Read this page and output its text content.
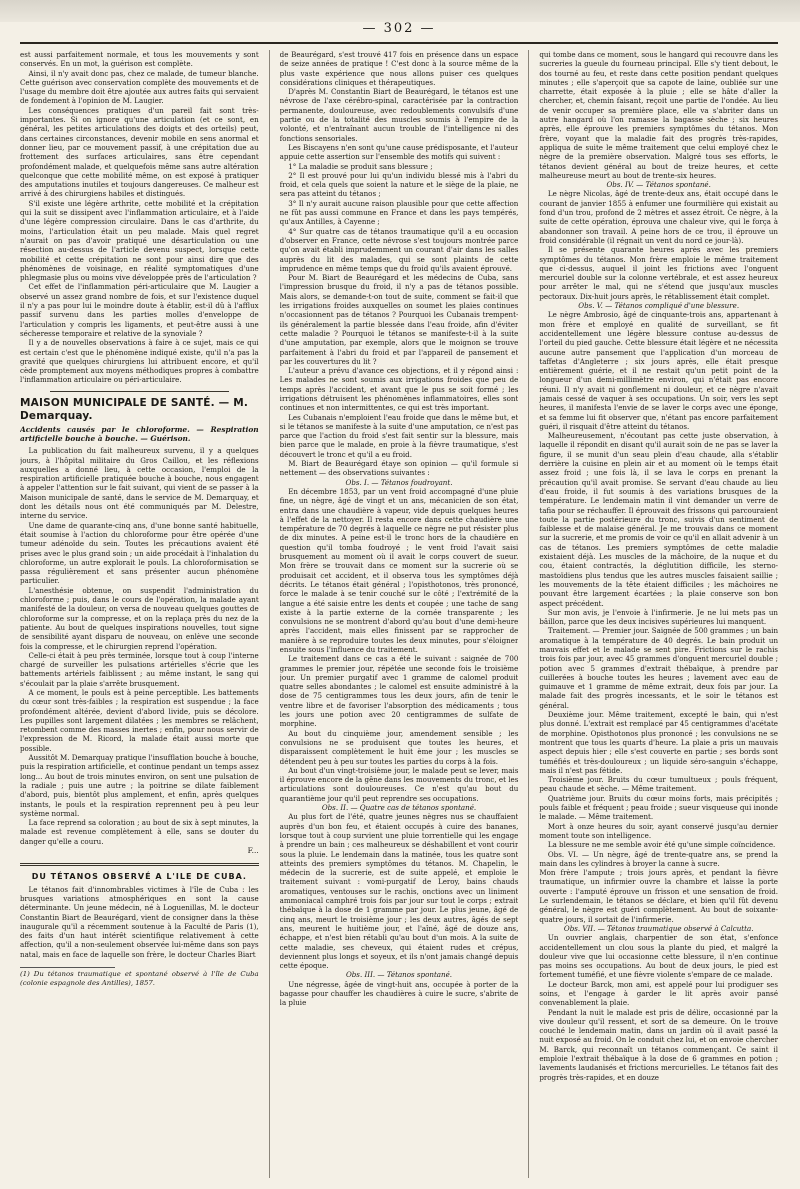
— 302 —

est aussi parfaitement normale, et tous les mouvements y sont conservés. En un mot, la guérison est complète.

Ainsi, il n'y avait donc pas, chez ce malade, de tumeur blanche. Cette guérison avec conservation complète des mouvements et de l'usage du membre doit être ajoutée aux autres faits qui servaient de fondement à l'opinion de M. Laugier.

Les conséquences pratiques d'un pareil fait sont très-importantes. Si on ignore qu'une articulation (et ce sont, en général, les petites articulations des doigts et des orteils) peut, dans certaines circonstances, devenir mobile en sens anormal et donner lieu, par ce mouvement passif, à une crépitation due au frottement des surfaces articulaires, sans être cependant profondément malade, et quelquefois même sans autre altération quelconque que cette mobilité même, on est exposé à pratiquer des amputations inutiles et toujours dangereuses. Ce malheur est arrivé à des chirurgiens habiles et distingués.

S'il existe une légère arthrite, cette mobilité et la crépitation qui la suit se dissipent avec l'inflammation articulaire, et à l'aide d'une légère compression circulaire. Dans le cas d'arthrite, du moins, l'articulation était un peu malade. Mais quel regret n'aurait on pas d'avoir pratiqué une désarticulation ou une résection au-dessus de l'article devenu suspect, lorsque cette mobilité et cette crépitation ne sont pour ainsi dire que des phénomènes de voisinage, en réalité symptomatiques d'une phlegmasie plus ou moins vive développée près de l'articulation ?

Cet effet de l'inflammation péri-articulaire que M. Laugier a observé un assez grand nombre de fois, et sur l'existence duquel il n'y a pas pour lui le moindre doute à établir, est-il dû à l'afflux passif survenu dans les parties molles d'enveloppe de l'articulation y compris les ligaments, et peut-être aussi à une sécheresse temporaire et relative de la synoviale ?

Il y a de nouvelles observations à faire à ce sujet, mais ce qui est certain c'est que le phénomène indiqué existe, qu'il n'a pas la gravité que quelques chirurgiens lui attribuent encore, et qu'il cède promptement aux moyens méthodiques propres à combattre l'inflammation articulaire ou péri-articulaire.

MAISON MUNICIPALE DE SANTÉ. — M. Demarquay.
Accidents causés par le chloroforme. — Respiration artificielle bouche à bouche. — Guérison.

La publication du fait malheureux survenu, il y a quelques jours, à l'hôpital militaire du Gros Caillou, et les réflexions auxquelles a donné lieu, à cette occasion, l'emploi de la respiration artificielle pratiquée bouche à bouche, nous engagent à appeler l'attention sur le fait suivant, qui vient de se passer à la Maison municipale de santé, dans le service de M. Demarquay, et dont les détails nous ont été communiqués par M. Delestre, interne du service.

Une dame de quarante-cinq ans, d'une bonne santé habituelle, était soumise à l'action du chloroforme pour être opérée d'une tumeur adénoïde du sein. Toutes les précautions avaient été prises avec le plus grand soin ; un aide procédait à l'inhalation du chloroforme, un autre explorait le pouls. La chloroformisation se passa régulièrement et sans présenter aucun phénomène particulier.

L'anesthésie obtenue, on suspendit l'administration du chloroforme ; puis, dans le cours de l'opération, la malade ayant manifesté de la douleur, on versa de nouveau quelques gouttes de chloroforme sur la compresse, et on la replaça près du nez de la patiente. Au bout de quelques inspirations nouvelles, tout signe de sensibilité ayant disparu de nouveau, on enlève une seconde fois la compresse, et le chirurgien reprend l'opération.

Celle-ci était à peu près terminée, lorsque tout à coup l'interne chargé de surveiller les pulsations artérielles s'écrie que les battements artériels faiblissent ; au même instant, le sang qui s'écoulait par la plaie s'arrête brusquement.

A ce moment, le pouls est à peine perceptible. Les battements du cœur sont très-faibles ; la respiration est suspendue ; la face profondément altérée, devient d'abord livide, puis se décolore. Les pupilles sont largement dilatées ; les membres se relâchent, retombent comme des masses inertes ; enfin, pour nous servir de l'expression de M. Ricord, la malade était aussi morte que possible.

Aussitôt M. Demarquay pratique l'insufflation bouche à bouche, puis la respiration artificielle, et continue pendant un temps assez long... Au bout de trois minutes environ, on sent une pulsation de la radiale ; puis une autre ; la poitrine se dilate faiblement d'abord, puis, bientôt plus amplement, et enfin, après quelques instants, le pouls et la respiration reprennent peu à peu leur système normal.

La face reprend sa coloration ; au bout de six à sept minutes, la malade est revenue complètement à elle, sans se douter du danger qu'elle a couru.

F...

DU TÉTANOS OBSERVÉ A L'ILE DE CUBA.

Le tétanos fait d'innombrables victimes à l'île de Cuba : les brusques variations atmosphériques en sont la cause déterminante. Un jeune médecin, né à Loguenillas, M. le docteur Constantin Biart de Beaurégard, vient de consigner dans la thèse inaugurale qu'il a récemment soutenue à la Faculté de Paris (1), des faits d'un haut intérêt scientifique relativement à cette affection, qu'il a non-seulement observée lui-même dans son pays natal, mais en face de laquelle son frère, le docteur Charles Biart

(1) Du tétanos traumatique et spontané observé à l'île de Cuba (colonie espagnole des Antilles), 1857.

de Beaurégard, s'est trouvé 417 fois en présence dans un espace de seize années de pratique ! C'est donc à la source même de la plus vaste expérience que nous allons puiser ces quelques considérations cliniques et thérapeutiques.

D'après M. Constantin Biart de Beaurégard, le tétanos est une névrose de l'axe cérébro-spinal, caractérisée par la contraction permanente, douloureuse, avec redoublements convulsifs d'une partie ou de la totalité des muscles soumis à l'empire de la volonté, et n'entraînant aucun trouble de l'intelligence ni des fonctions sensoriales.

Les Biscayens n'en sont qu'une cause prédisposante, et l'auteur appuie cette assertion sur l'ensemble des motifs qui suivent :

1° La maladie se produit sans blessure ;

2° Il est prouvé pour lui qu'un individu blessé mis à l'abri du froid, et cela quels que soient la nature et le siège de la plaie, ne sera pas atteint du tétanos ;

3° Il n'y aurait aucune raison plausible pour que cette affection ne fût pas aussi commune en France et dans les pays tempérés, qu'aux Antilles, à Cayenne ;

4° Sur quatre cas de tétanos traumatique qu'il a eu occasion d'observer en France, cette névrose s'est toujours montrée parce qu'on avait établi imprudemment un courant d'air dans les salles auprès du lit des malades, qui se sont plaints de cette imprudence en même temps que du froid qu'ils avaient éprouvé.

Pour M. Biart de Beaurégard et les médecins de Cuba, sans l'impression brusque du froid, il n'y a pas de tétanos possible. Mais alors, se demande-t-on tout de suite, comment se fait-il que les irrigations froides auxquelles on soumet les plaies continues n'occasionnent pas de tétanos ? Pourquoi les Cubanais trempent-ils généralement la partie blessée dans l'eau froide, afin d'éviter cette maladie ? Pourquoi le tétanos se manifeste-t-il à la suite d'une amputation, par exemple, alors que le moignon se trouve parfaitement à l'abri du froid et par l'appareil de pansement et par les couvertures du lit ?

L'auteur a prévu d'avance ces objections, et il y répond ainsi : Les malades ne sont soumis aux irrigations froides que peu de temps après l'accident, et avant que le pus se soit formé ; les irrigations détruisent les phénomènes inflammatoires, elles sont continues et non intermittentes, ce qui est très important.

Les Cubanais n'emploient l'eau froide que dans le même but, et si le tétanos se manifeste à la suite d'une amputation, ce n'est pas parce que l'action du froid s'est fait sentir sur la blessure, mais bien parce que le malade, en proie à la fièvre traumatique, s'est découvert le tronc et qu'il a eu froid.

M. Biart de Beaurégard étaye son opinion — qu'il formule si nettement — des observations suivantes :

Obs. I. — Tétanos foudroyant.

En décembre 1853, par un vent froid accompagné d'une pluie fine, un nègre, âgé de vingt et un ans, mécanicien de son état, entra dans une chaudière à vapeur, vide depuis quelques heures à l'effet de la nettoyer. Il resta encore dans cette chaudière une température de 70 degrés à laquelle ce nègre ne put résister plus de dix minutes. A peine est-il le tronc hors de la chaudière en question qu'il tomba foudroyé ; le vent froid l'avait saisi brusquement au moment où il avait le corps couvert de sueur. Mon frère se trouvait dans ce moment sur la sucrerie où se produisait cet accident, et il observa tous les symptômes déjà décrits. Le tétanos était général ; l'opisthotonos, très prononcé, force le malade à se tenir couché sur le côté ; l'extrémité de la langue a été saisie entre les dents et coupée ; une tache de sang existe à la partie externe de la cornée transparente ; les convulsions ne se montrent d'abord qu'au bout d'une demi-heure après l'accident, mais elles finissent par se rapprocher de manière à se reproduire toutes les deux minutes, pour s'éloigner ensuite sous l'influence du traitement.

Le traitement dans ce cas a été le suivant : saignée de 700 grammes le premier jour, répétée une seconde fois le troisième jour. Un premier purgatif avec 1 gramme de calomel produit quatre selles abondantes ; le calomel est ensuite administré à la dose de 75 centigrammes tous les deux jours, afin de tenir le ventre libre et de favoriser l'absorption des médicaments ; tous les jours une potion avec 20 centigrammes de sulfate de morphine.

Au bout du cinquième jour, amendement sensible ; les convulsions ne se produisent que toutes les heures, et disparaissent complètement le huit ème jour ; les muscles se détendent peu à peu sur toutes les parties du corps à la fois.

Au bout d'un vingt-troisième jour, le malade peut se lever, mais il éprouve encore de la gêne dans les mouvements du tronc, et les articulations sont douloureuses. Ce n'est qu'au bout du quarantième jour qu'il peut reprendre ses occupations.

Obs. II. — Quatre cas de tétanos spontané.

Au plus fort de l'été, quatre jeunes nègres nus se chauffaient auprès d'un bon feu, et étaient occupés à cuire des bananes, lorsque tout à coup survient une pluie torrentielle qui les engage à prendre un bain ; ces malheureux se déshabillent et vont courir sous la pluie. Le lendemain dans la matinée, tous les quatre sont atteints des premiers symptômes du tétanos. M. Chapelin, le médecin de la sucrerie, est de suite appelé, et emploie le traitement suivant : vomi-purgatif de Leroy, bains chauds aromatiques, ventouses sur le rachis, onctions avec un liniment ammoniacal camphré trois fois par jour sur tout le corps ; extrait thébaïque à la dose de 1 gramme par jour. Le plus jeune, âgé de cinq ans, meurt le troisième jour ; les deux autres, âgés de sept ans, meurent le huitième jour, et l'aîné, âgé de douze ans, échappe, et n'est bien rétabli qu'au bout d'un mois. A la suite de cette maladie, ses cheveux, qui étaient rudes et crépus, deviennent plus longs et soyeux, et ils n'ont jamais changé depuis cette époque.

Obs. III. — Tétanos spontané.

Une négresse, âgée de vingt-huit ans, occupée à porter de la bagasse pour chauffer les chaudières à cuire le sucre, s'abrite de la pluie

qui tombe dans ce moment, sous le hangard qui recouvre dans les sucreries la gueule du fourneau principal. Elle s'y tient debout, le dos tourné au feu, et reste dans cette position pendant quelques minutes ; elle s'aperçoit que sa capote de laine, oubliée sur une charrette, était exposée à la pluie ; elle se hâte d'aller la chercher, et, chemin faisant, reçoit une partie de l'ondée. Au lieu de venir occuper sa première place, elle va s'abriter dans un autre hangard où l'on ramasse la bagasse sèche ; six heures après, elle éprouve les premiers symptômes du tétanos. Mon frère, voyant que la maladie fait des progrès très-rapides, appliqua de suite le même traitement que celui employé chez le nègre de la première observation. Malgré tous ses efforts, le tétanos devient général au bout de treize heures, et cette malheureuse meurt au bout de trente-six heures.

Obs. IV. — Tétanos spontané.

Le nègre Nicolas, âgé de trente-deux ans, était occupé dans le courant de janvier 1855 à enfumer une fourmilière qui existait au fond d'un trou, profond de 2 mètres et assez étroit. Ce nègre, à la suite de cette opération, éprouva une chaleur vive, qui le força à abandonner son travail. A peine hors de ce trou, il éprouve un froid considérable (il régnait un vent du nord ce jour-là).

Il se présente quarante heures après avec les premiers symptômes du tétanos. Mon frère emploie le même traitement que ci-dessus, auquel il joint les frictions avec l'onguent mercuriel double sur la colonne vertébrale, et est assez heureux pour arrêter le mal, qui ne s'étend que jusqu'aux muscles pectoraux. Dix-huit jours après, le rétablissement était complet.

Obs. V. — Tétanos compliqué d'une blessure.

Le nègre Ambrosio, âgé de cinquante-trois ans, appartenant à mon frère et employé en qualité de surveillant, se fit accidentellement une légère blessure contuse au-dessus de l'orteil du pied gauche. Cette blessure était légère et ne nécessita aucune autre pansement que l'application d'un morceau de taffetas d'Angleterre ; six jours après, elle était presque entièrement guérie, et il ne restait qu'un petit point de la longueur d'un demi-millimètre environ, qui n'était pas encore réuni. Il n'y avait ni gonflement ni douleur, et ce nègre n'avait jamais cessé de vaquer à ses occupations. Un soir, vers les sept heures, il manifesta l'envie de se laver le corps avec une éponge, et sa femme lui fit observer que, n'étant pas encore parfaitement guéri, il risquait d'être atteint du tétanos.

Malheureusement, n'écoutant pas cette juste observation, à laquelle il répondit en disant qu'il aurait soin de ne pas se laver la figure, il se munit d'un seau plein d'eau chaude, alla s'établir derrière la cuisine en plein air et au moment où le temps était assez froid ; une fois là, il se lava le corps en prenant la précaution qu'il avait promise. Se servant d'eau chaude au lieu d'eau froide, il fut soumis à des variations brusques de la température. Le lendemain matin il vint demander un verre de tafia pour se réchauffer. Il éprouvait des frissons qui parcouraient toute la partie postérieure du tronc, suivis d'un sentiment de faiblesse et de malaise général. Je me trouvais dans ce moment sur la sucrerie, et me promis de voir ce qu'il en allait advenir à un cas de tétanos. Les premiers symptômes de cette maladie existaient déjà. Les muscles de la mâchoire, de la nuque et du cou, étaient contractés, la déglutition difficile, les sterno-mastoïdiens plus tendus que les autres muscles faisaient saillie ; les mouvements de la tête étaient difficiles ; les mâchoires ne pouvant être largement écartées ; la plaie conserve son bon aspect précédent.

Sur mon avis, je l'envoie à l'infirmerie. Je ne lui mets pas un bâillon, parce que les deux incisives supérieures lui manquent.

Traitement. — Premier jour. Saignée de 500 grammes ; un bain aromatique à la température de 40 degrés. Le bain produit un mauvais effet et le malade se sent pire. Frictions sur le rachis trois fois par jour, avec 45 grammes d'onguent mercuriel double ; potion avec 5 grammes d'extrait thébaïque, à prendre par cuillerées à bouche toutes les heures ; lavement avec eau de guimauve et 1 gramme de même extrait, deux fois par jour. La malade fait des progrès incessants, et le soir le tétanos est général.

Deuxième jour. Même traitement, excepté le bain, qui n'est plus donné. L'extrait est remplacé par 45 centigrammes d'acétate de morphine. Opisthotonos plus prononcé ; les convulsions ne se montrent que tous les quarts d'heure. La plaie a pris un mauvais aspect depuis hier ; elle s'est couverte en partie ; ses bords sont tuméfiés et très-douloureux ; un liquide séro-sanguin s'échappe, mais il n'est pas fétide.

Troisième jour. Bruits du cœur tumultueux ; pouls fréquent, peau chaude et sèche. — Même traitement.

Quatrième jour. Bruits du cœur moins forts, mais précipités ; pouls faible et fréquent ; peau froide ; sueur visqueuse qui inonde le malade. — Même traitement.

Mort à onze heures du soir, ayant conservé jusqu'au dernier moment toute son intelligence.

La blessure ne me semble avoir été qu'une simple coïncidence.

Obs. VI. — Un nègre, âgé de trente-quatre ans, se prend la main dans les cylindres à broyer la canne à sucre.

Mon frère l'ampute ; trois jours après, et pendant la fièvre traumatique, un infirmier ouvre la chambre et laisse la porte ouverte : l'amputé éprouve un frisson et une sensation de froid. Le surlendemain, le tétanos se déclare, et bien qu'il fût devenu général, le nègre est guéri complètement. Au bout de soixante-quatre jours, il sortait de l'infirmerie.

Obs. VII. — Tétanos traumatique observé à Calcutta.

Un ouvrier anglais, charpentier de son état, s'enfonce accidentellement un clou sous la plante du pied, et malgré la douleur vive que lui occasionne cette blessure, il n'en continue pas moins ses occupations. Au bout de deux jours, le pied est fortement tuméfié, et une fièvre violente s'empare de ce malade.

Le docteur Barck, mon ami, est appelé pour lui prodiguer ses soins, et l'engage à garder le lit après avoir pansé convenablement la plaie.

Pendant la nuit le malade est pris de délire, occasionné par la vive douleur qu'il ressent, et sort de sa demeure. On le trouve couché le lendemain matin, dans un jardin où il avait passé la nuit exposé au froid. On le conduit chez lui, et on envoie chercher M. Barck, qui reconnaît un tétanos commençant. Ce saint il emploie l'extrait thébaïque à la dose de 6 grammes en potion ; lavements laudanisés et frictions mercurielles. Le tétanos fait des progrès très-rapides, et en douze
